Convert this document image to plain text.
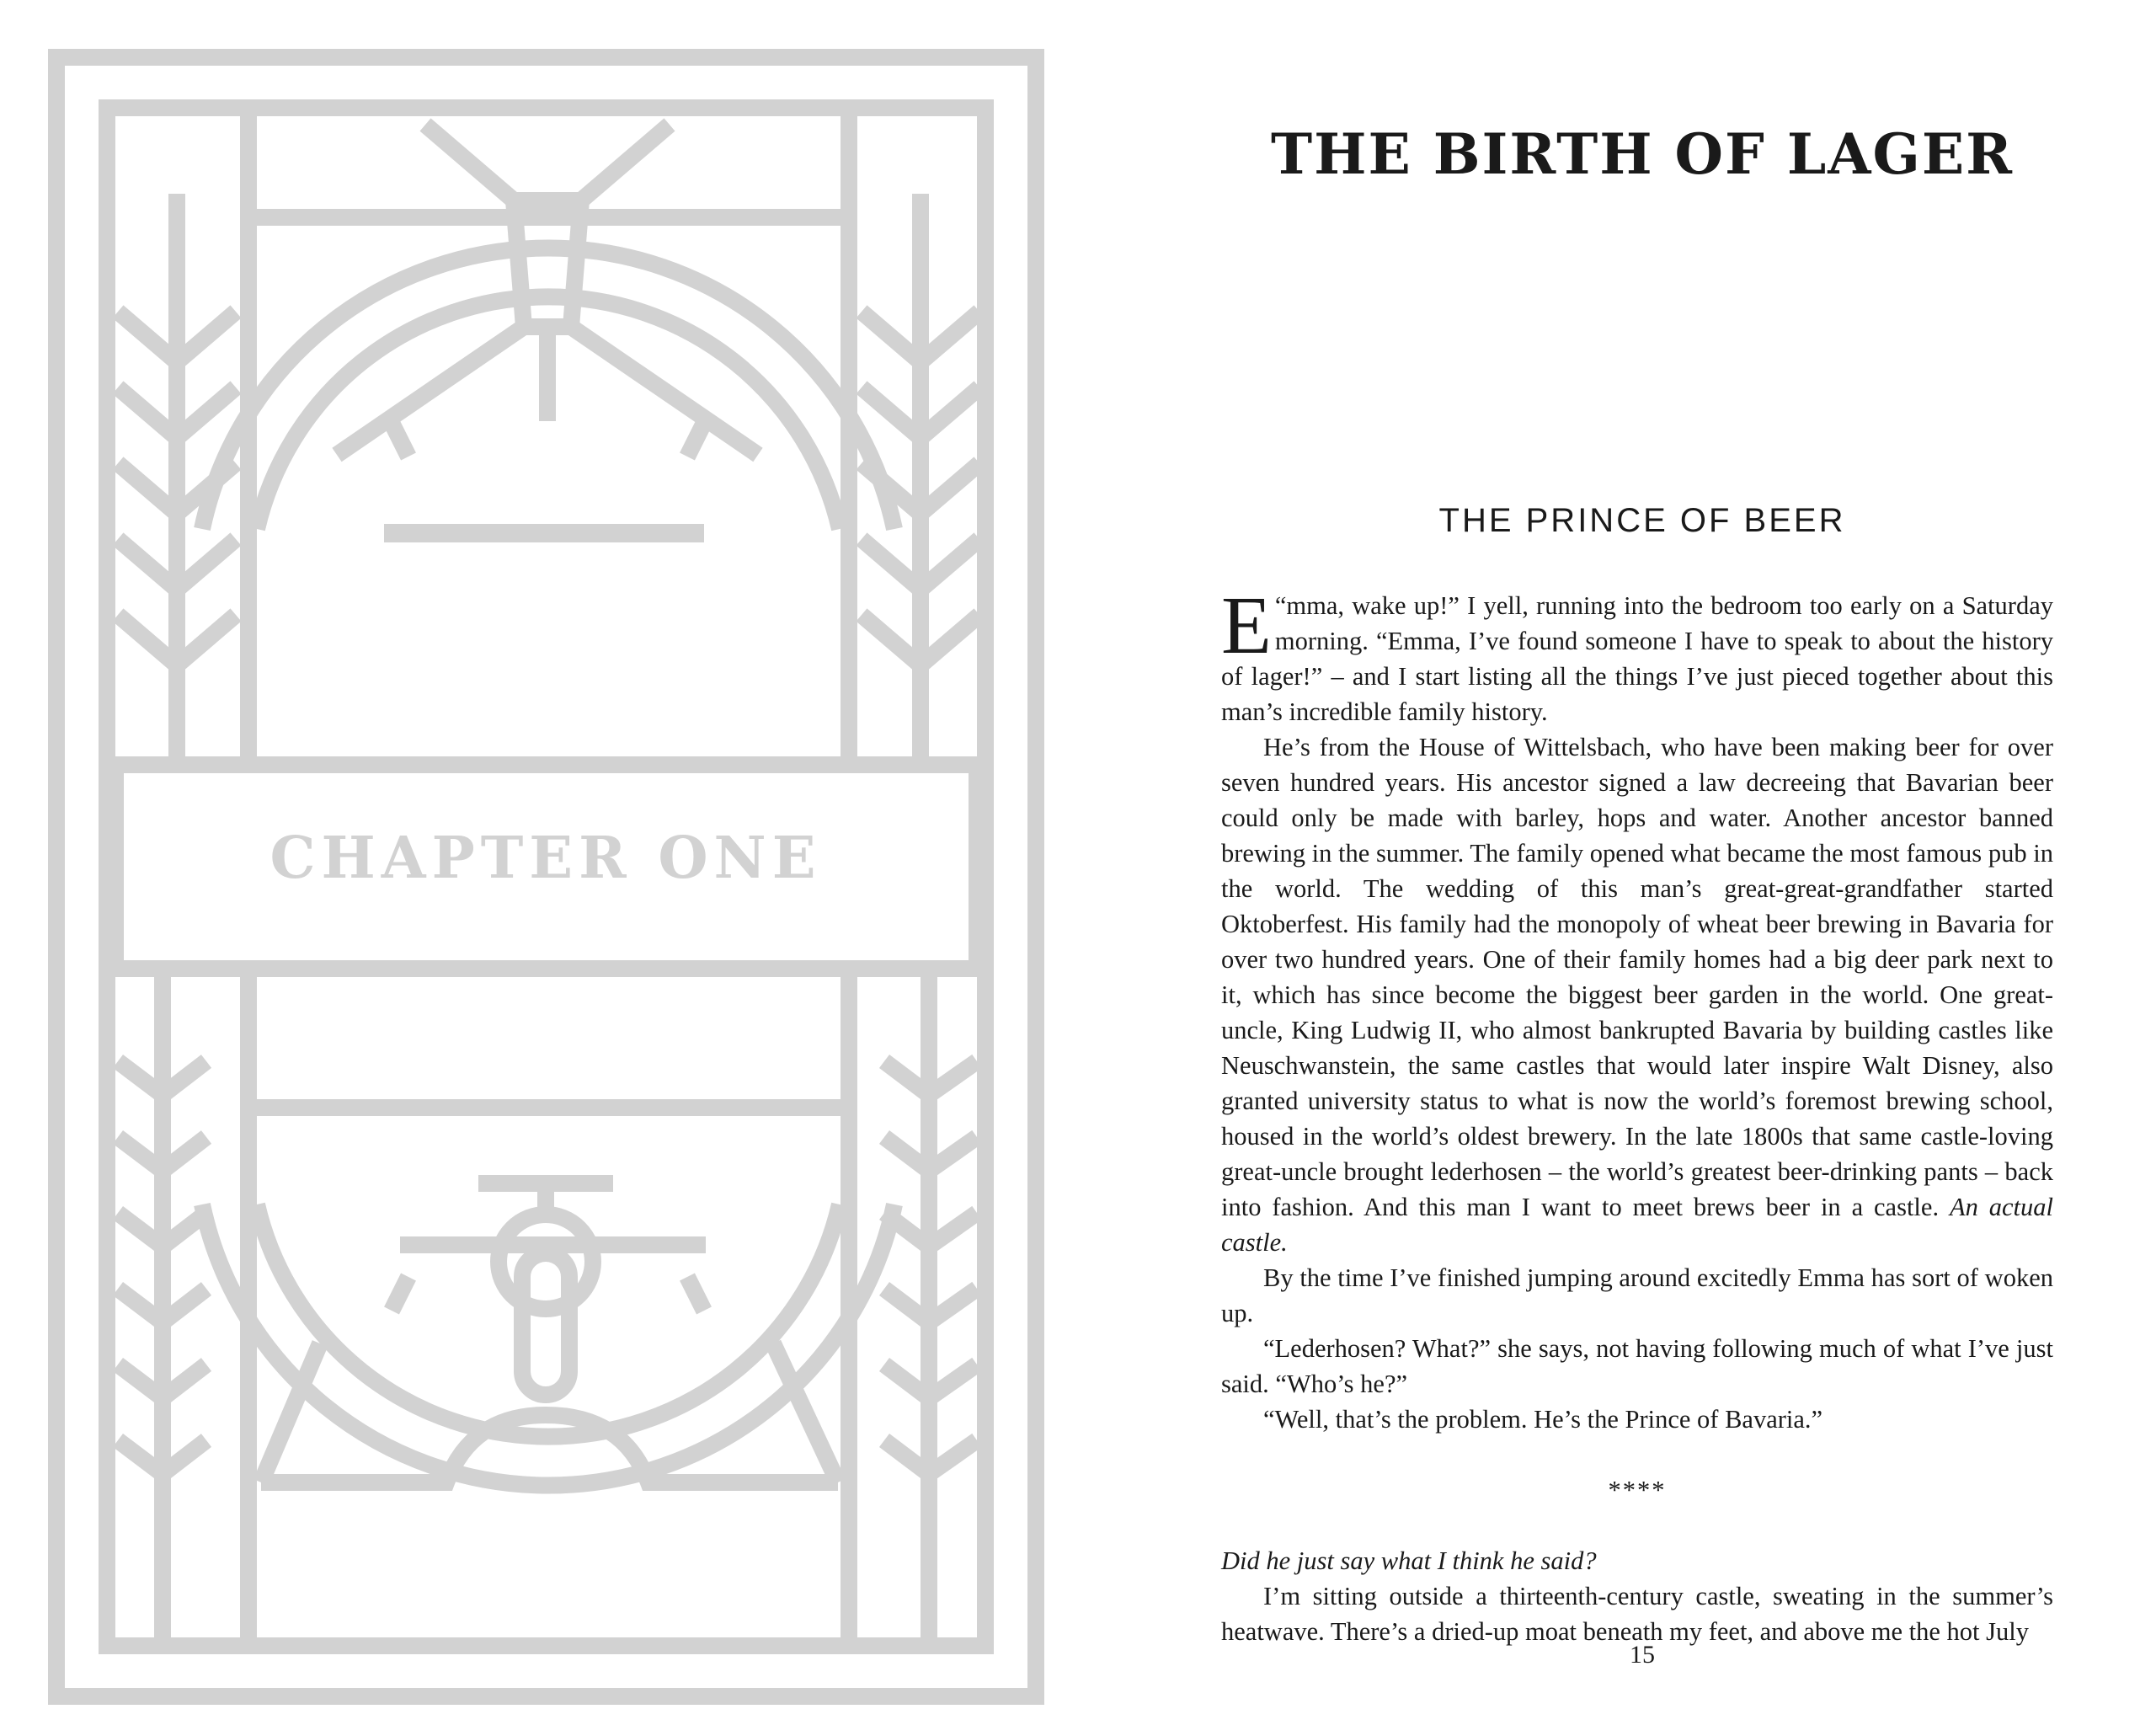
CHAPTER ONE
THE BIRTH OF LAGER
THE PRINCE OF BEER

“
E mma, wake up!” I yell, running into the bedroom too early on a Saturday morning. “Emma, I’ve found someone I have to speak to about the history of lager!” – and I start listing all the things I’ve just pieced together about this man’s incredible family history.

He’s from the House of Wittelsbach, who have been making beer for over seven hundred years. His ancestor signed a law decreeing that Bavarian beer could only be made with barley, hops and water. Another ancestor banned brewing in the summer. The family opened what became the most famous pub in the world. The wedding of this man’s great-great-grandfather started Oktoberfest. His family had the monopoly of wheat beer brewing in Bavaria for over two hundred years. One of their family homes had a big deer park next to it, which has since become the biggest beer garden in the world. One great-uncle, King Ludwig II, who almost bankrupted Bavaria by building castles like Neuschwanstein, the same castles that would later inspire Walt Disney, also granted university status to what is now the world’s foremost brewing school, housed in the world’s oldest brewery. In the late 1800s that same castle-loving great-uncle brought lederhosen – the world’s greatest beer-drinking pants – back into fashion. And this man I want to meet brews beer in a castle. An actual castle.

By the time I’ve finished jumping around excitedly Emma has sort of woken up.

“Lederhosen? What?” she says, not having following much of what I’ve just said. “Who’s he?”

“Well, that’s the problem. He’s the Prince of Bavaria.”

****

Did he just say what I think he said?

I’m sitting outside a thirteenth-century castle, sweating in the summer’s heatwave. There’s a dried-up moat beneath my feet, and above me the hot July

15
